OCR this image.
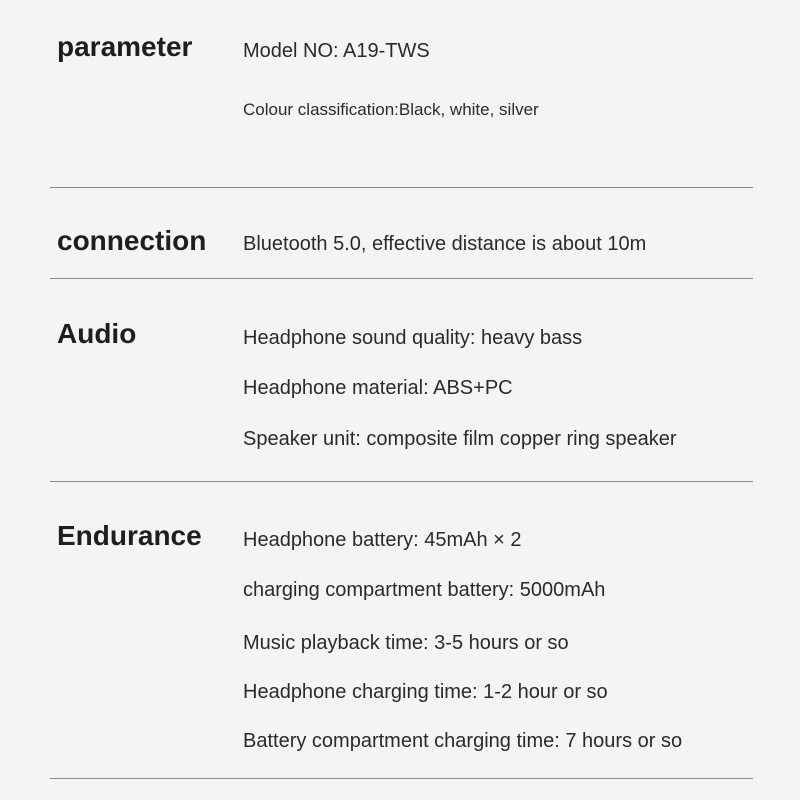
parameter	Model NO: A19-TWS
Colour classification:Black, white, silver
connection Bluetooth 5.0, effective distance is about 10m
Audio	Headphone sound quality: heavy bass
Headphone material: ABS+PC
Speaker unit: composite film copper ring speaker
Endurance Headphone battery: 45mAh × 2
charging compartment battery: 5000mAh
Music playback time: 3-5 hours or so
Headphone charging time: 1-2 hour or so
Battery compartment charging time: 7 hours or so
